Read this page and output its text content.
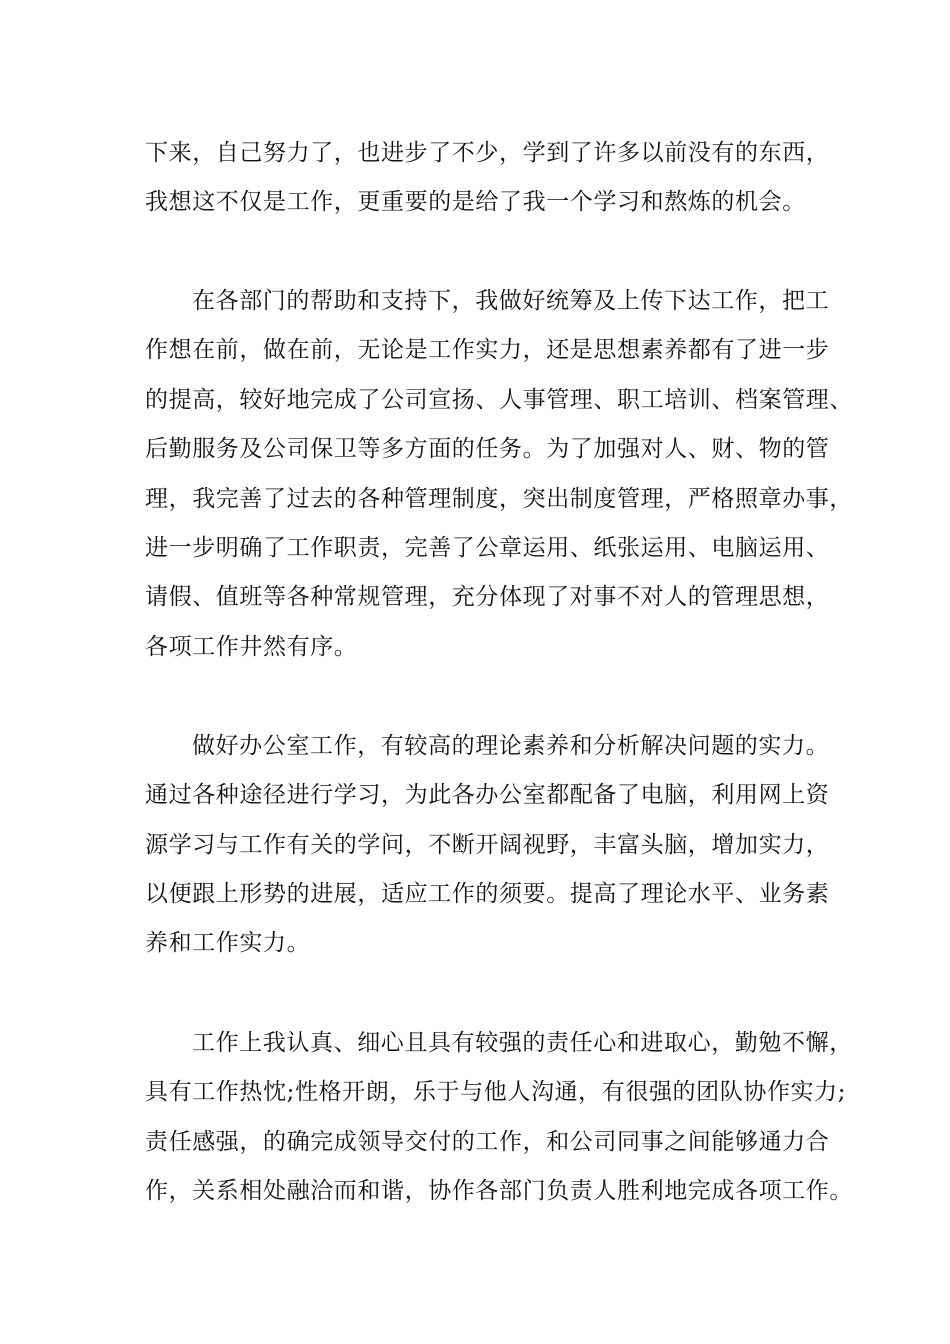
下来，自己努力了，也进步了不少，学到了许多以前没有的东西，

我想这不仅是工作，更重要的是给了我一个学习和熬炼的机会。

在各部门的帮助和支持下，我做好统筹及上传下达工作，把工

作想在前，做在前，无论是工作实力，还是思想素养都有了进一步

的提高，较好地完成了公司宣扬、人事管理、职工培训、档案管理、

后勤服务及公司保卫等多方面的任务。为了加强对人、财、物的管

理，我完善了过去的各种管理制度，突出制度管理，严格照章办事，

进一步明确了工作职责，完善了公章运用、纸张运用、电脑运用、

请假、值班等各种常规管理，充分体现了对事不对人的管理思想，

各项工作井然有序。

做好办公室工作，有较高的理论素养和分析解决问题的实力。

通过各种途径进行学习，为此各办公室都配备了电脑，利用网上资

源学习与工作有关的学问，不断开阔视野，丰富头脑，增加实力，

以便跟上形势的进展，适应工作的须要。提高了理论水平、业务素

养和工作实力。

工作上我认真、细心且具有较强的责任心和进取心，勤勉不懈，

具有工作热忱;性格开朗，乐于与他人沟通，有很强的团队协作实力;

责任感强，的确完成领导交付的工作，和公司同事之间能够通力合

作，关系相处融洽而和谐，协作各部门负责人胜利地完成各项工作。
